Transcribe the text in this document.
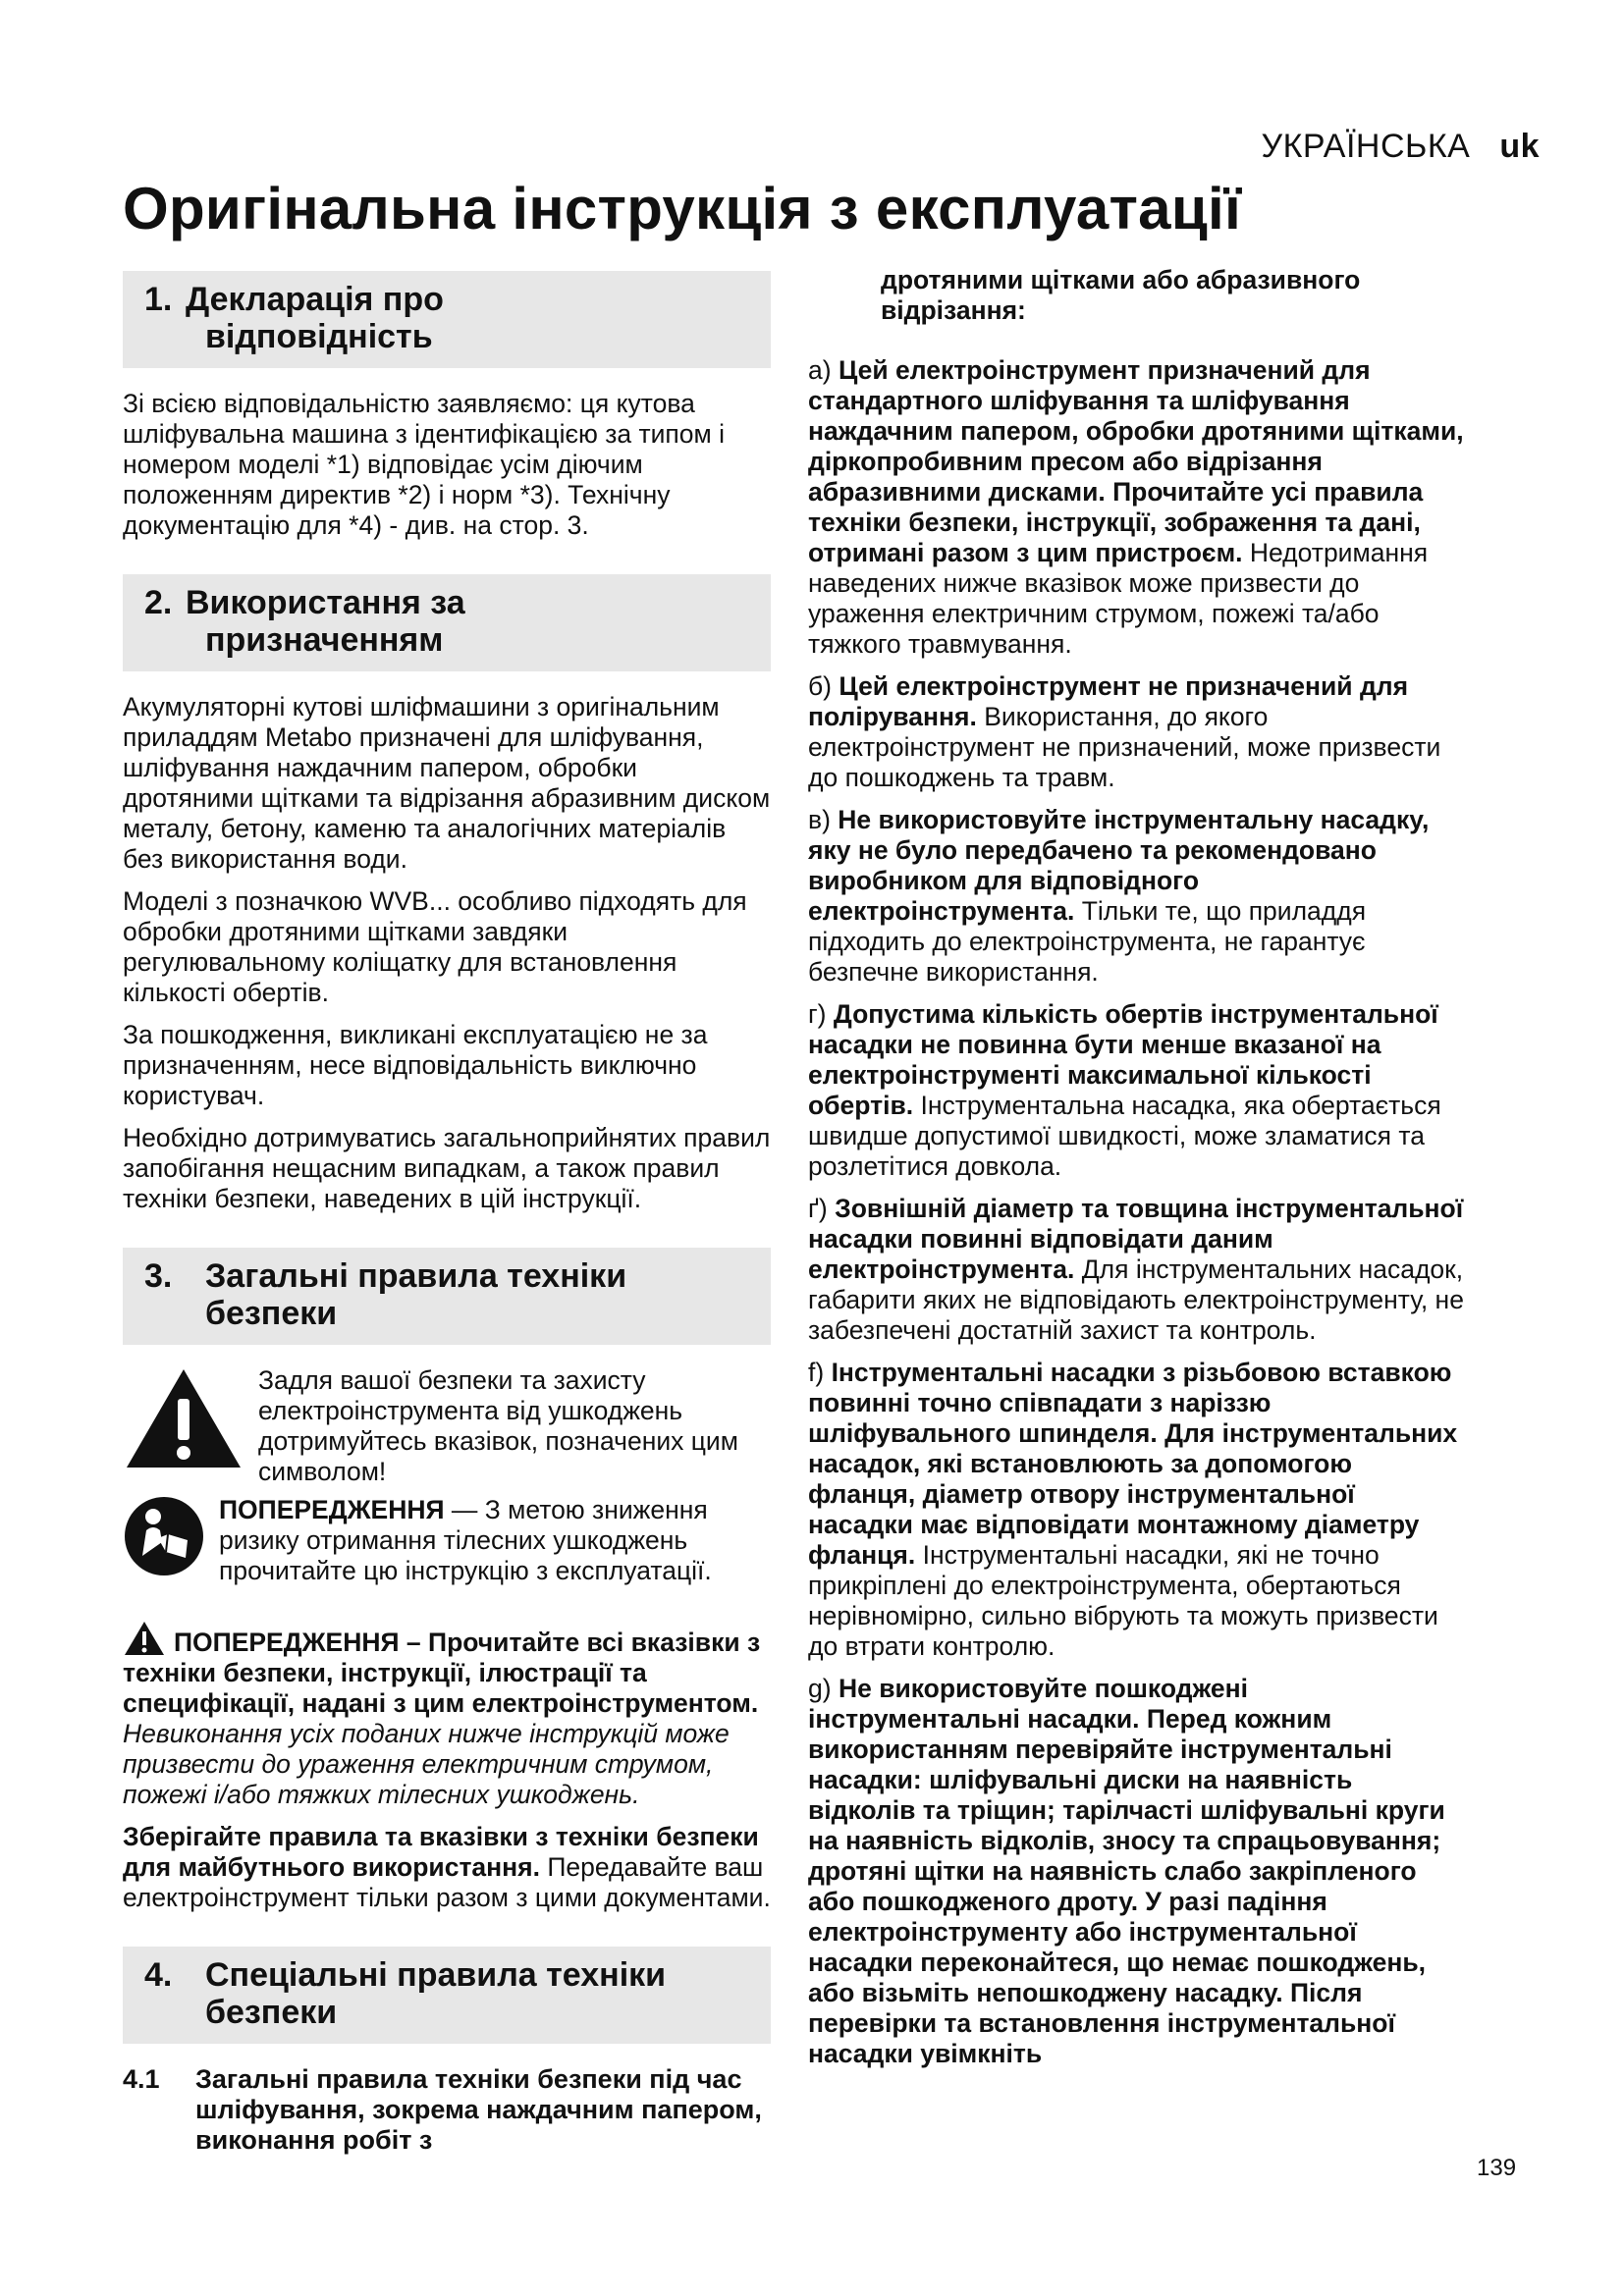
УКРАЇНСЬКА uk
Оригінальна інструкція з експлуатації
1. Декларація про
відповідність

Зі всією відповідальністю заявляємо: ця кутова шліфувальна машина з ідентифікацією за типом і номером моделі *1) відповідає усім діючим положенням директив *2) і норм *3). Технічну документацію для *4) - див. на стор. 3.

2. Використання за
призначенням

Акумуляторні кутові шліфмашини з оригінальним приладдям Metabo призначені для шліфування, шліфування наждачним папером, обробки дротяними щітками та відрізання абразивним диском металу, бетону, каменю та аналогічних матеріалів без використання води.

Моделі з позначкою WVB... особливо підходять для обробки дротяними щітками завдяки регулювальному коліщатку для встановлення кількості обертів.

За пошкодження, викликані експлуатацією не за призначенням, несе відповідальність виключно користувач.

Необхідно дотримуватись загальноприйнятих правил запобігання нещасним випадкам, а також правил техніки безпеки, наведених в цій інструкції.

3. Загальні правила техніки
безпеки

Задля вашої безпеки та захисту електроінструмента від ушкоджень дотримуйтесь вказівок, позначених цим символом!

ПОПЕРЕДЖЕННЯ — З метою зниження ризику отримання тілесних ушкоджень прочитайте цю інструкцію з експлуатації.

ПОПЕРЕДЖЕННЯ – Прочитайте всі вказівки з техніки безпеки, інструкції, ілюстрації та специфікації, надані з цим електроінструментом. Невиконання усіх поданих нижче інструкцій може призвести до ураження електричним струмом, пожежі і/або тяжких тілесних ушкоджень.

Зберігайте правила та вказівки з техніки безпеки для майбутнього використання. Передавайте ваш електроінструмент тільки разом з цими документами.

4. Спеціальні правила техніки
безпеки
4.1	Загальні правила техніки безпеки під час шліфування, зокрема наждачним папером, виконання робіт з
дротяними щітками або абразивного відрізання:

a) Цей електроінструмент призначений для стандартного шліфування та шліфування наждачним папером, обробки дротяними щітками, діркопробивним пресом або відрізання абразивними дисками. Прочитайте усі правила техніки безпеки, інструкції, зображення та дані, отримані разом з цим пристроєм. Недотримання наведених нижче вказівок може призвести до ураження електричним струмом, пожежі та/або тяжкого травмування.

б) Цей електроінструмент не призначений для полірування. Використання, до якого електроінструмент не призначений, може призвести до пошкоджень та травм.

в) Не використовуйте інструментальну насадку, яку не було передбачено та рекомендовано виробником для відповідного електроінструмента. Тільки те, що приладдя підходить до електроінструмента, не гарантує безпечне використання.

г) Допустима кількість обертів інструментальної насадки не повинна бути менше вказаної на електроінструменті максимальної кількості обертів. Інструментальна насадка, яка обертається швидше допустимої швидкості, може зламатися та розлетітися довкола.

ґ) Зовнішній діаметр та товщина інструментальної насадки повинні відповідати даним електроінструмента. Для інструментальних насадок, габарити яких не відповідають електроінструменту, не забезпечені достатній захист та контроль.

f) Інструментальні насадки з різьбовою вставкою повинні точно співпадати з наріззю шліфувального шпинделя. Для інструментальних насадок, які встановлюють за допомогою фланця, діаметр отвору інструментальної насадки має відповідати монтажному діаметру фланця. Інструментальні насадки, які не точно прикріплені до електроінструмента, обертаються нерівномірно, сильно вібрують та можуть призвести до втрати контролю.

g) Не використовуйте пошкоджені інструментальні насадки. Перед кожним використанням перевіряйте інструментальні насадки: шліфувальні диски на наявність відколів та тріщин; тарілчасті шліфувальні круги на наявність відколів, зносу та спрацьовування; дротяні щітки на наявність слабо закріпленого або пошкодженого дроту. У разі падіння електроінструменту або інструментальної насадки переконайтеся, що немає пошкоджень, або візьміть непошкоджену насадку. Після перевірки та встановлення інструментальної насадки увімкніть

139
